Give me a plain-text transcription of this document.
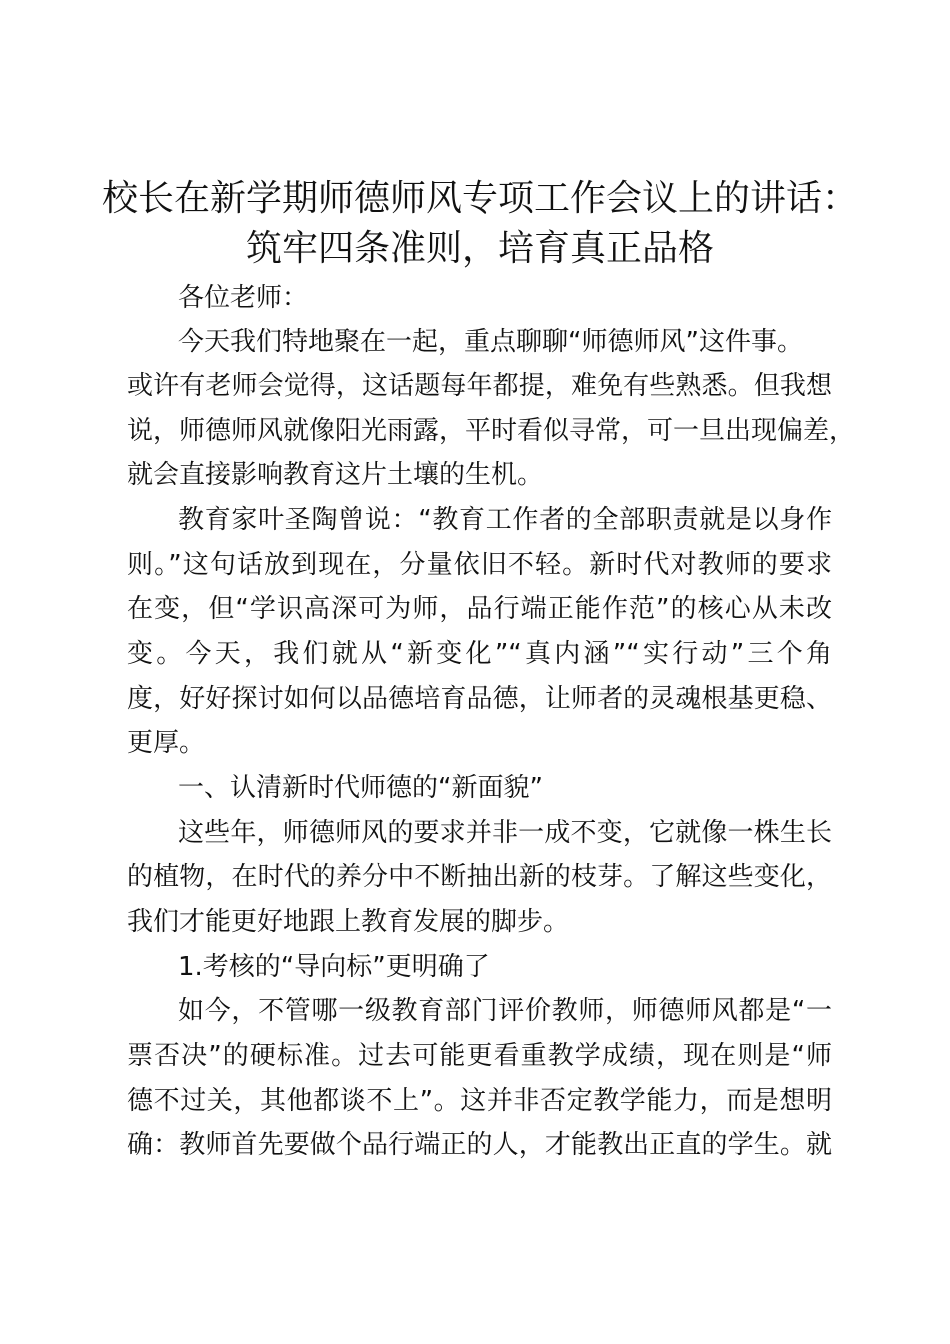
校长在新学期师德师风专项工作会议上的讲话：
筑牢四条准则，培育真正品格
各位老师：
今天我们特地聚在一起，重点聊聊“师德师风”这件事。
或许有老师会觉得，这话题每年都提，难免有些熟悉。但我想
说，师德师风就像阳光雨露，平时看似寻常，可一旦出现偏差，
就会直接影响教育这片土壤的生机。
教育家叶圣陶曾说：“教育工作者的全部职责就是以身作
则。”这句话放到现在，分量依旧不轻。新时代对教师的要求
在变，但“学识高深可为师，品行端正能作范”的核心从未改
变。今天，我们就从“新变化”“真内涵”“实行动”三个角
度，好好探讨如何以品德培育品德，让师者的灵魂根基更稳、
更厚。
一、认清新时代师德的“新面貌”
这些年，师德师风的要求并非一成不变，它就像一株生长
的植物，在时代的养分中不断抽出新的枝芽。了解这些变化，
我们才能更好地跟上教育发展的脚步。
1.考核的“导向标”更明确了
如今，不管哪一级教育部门评价教师，师德师风都是“一
票否决”的硬标准。过去可能更看重教学成绩，现在则是“师
德不过关，其他都谈不上”。这并非否定教学能力，而是想明
确：教师首先要做个品行端正的人，才能教出正直的学生。就
